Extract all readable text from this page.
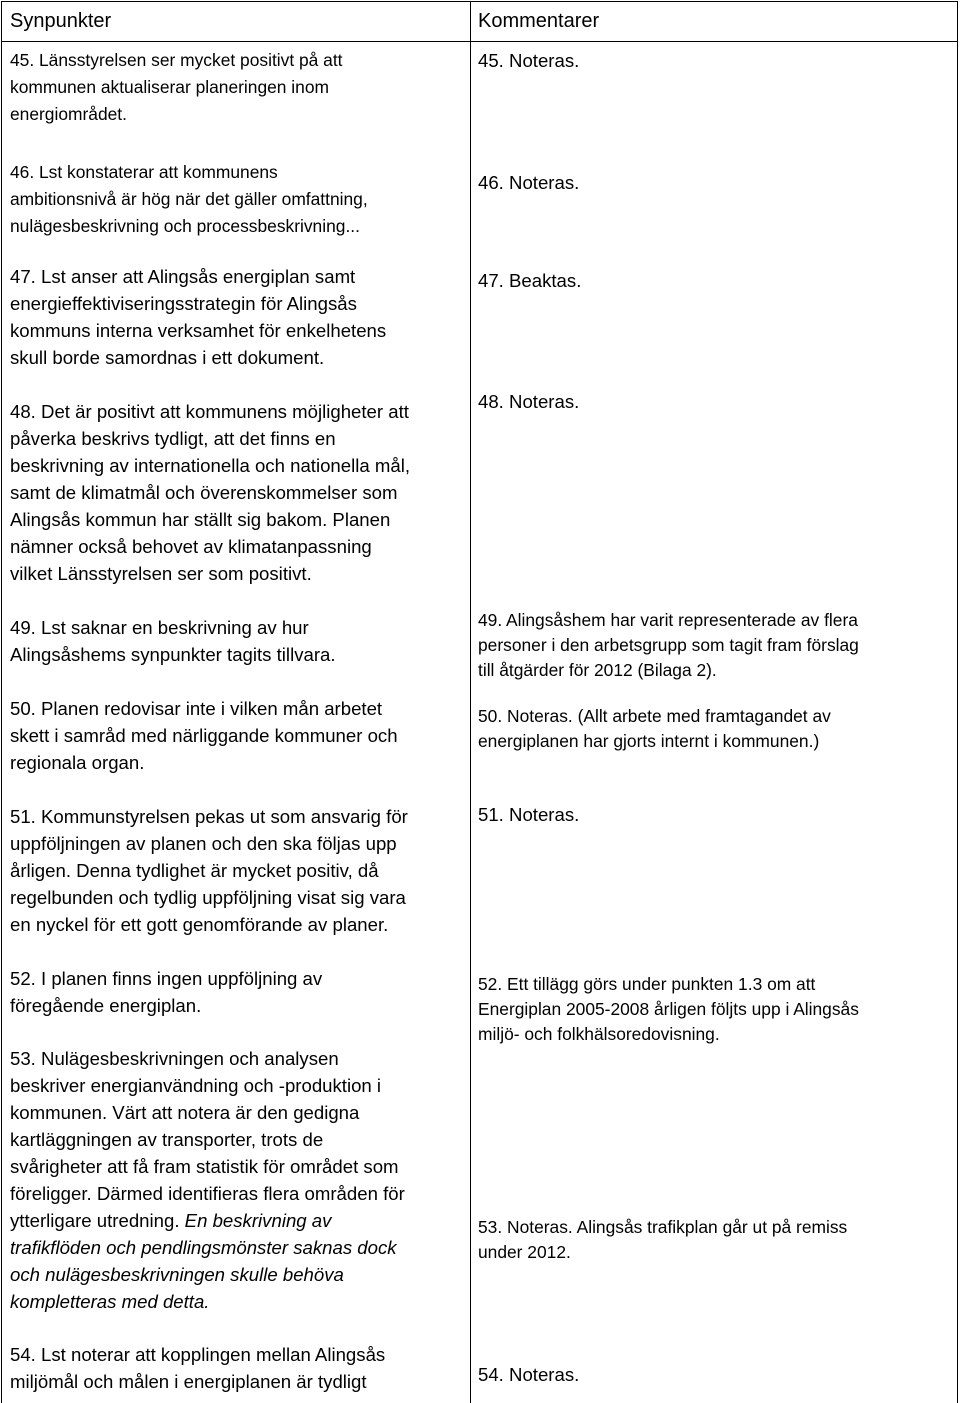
Synpunkter	Kommentarer
45. Länsstyrelsen ser mycket positivt på att
kommunen aktualiserar planeringen inom
energiområdet.
46. Lst konstaterar att kommunens
ambitionsnivå är hög när det gäller omfattning,
nulägesbeskrivning och processbeskrivning...
47. Lst anser att Alingsås energiplan samt
energieffektiviseringsstrategin för Alingsås
kommuns interna verksamhet för enkelhetens
skull borde samordnas i ett dokument.
48. Det är positivt att kommunens möjligheter att
påverka beskrivs tydligt, att det finns en
beskrivning av internationella och nationella mål,
samt de klimatmål och överenskommelser som
Alingsås kommun har ställt sig bakom. Planen
nämner också behovet av klimatanpassning
vilket Länsstyrelsen ser som positivt.
49. Lst saknar en beskrivning av hur
Alingsåshems synpunkter tagits tillvara.
50. Planen redovisar inte i vilken mån arbetet
skett i samråd med närliggande kommuner och
regionala organ.
51. Kommunstyrelsen pekas ut som ansvarig för
uppföljningen av planen och den ska följas upp
årligen. Denna tydlighet är mycket positiv, då
regelbunden och tydlig uppföljning visat sig vara
en nyckel för ett gott genomförande av planer.
52. I planen finns ingen uppföljning av
föregående energiplan.
53. Nulägesbeskrivningen och analysen
beskriver energianvändning och -produktion i
kommunen. Värt att notera är den gedigna
kartläggningen av transporter, trots de
svårigheter att få fram statistik för området som
föreligger. Därmed identifieras flera områden för
ytterligare utredning. En beskrivning av
trafikflöden och pendlingsmönster saknas dock
och nulägesbeskrivningen skulle behöva
kompletteras med detta.
54. Lst noterar att kopplingen mellan Alingsås
miljömål och målen i energiplanen är tydligt
45. Noteras.
46. Noteras.
47. Beaktas.
48. Noteras.
49. Alingsåshem har varit representerade av flera
personer i den arbetsgrupp som tagit fram förslag
till åtgärder för 2012 (Bilaga 2).
50. Noteras. (Allt arbete med framtagandet av
energiplanen har gjorts internt i kommunen.)
51. Noteras.
52. Ett tillägg görs under punkten 1.3 om att
Energiplan 2005-2008 årligen följts upp i Alingsås
miljö- och folkhälsoredovisning.
53. Noteras. Alingsås trafikplan går ut på remiss
under 2012.
54. Noteras.
